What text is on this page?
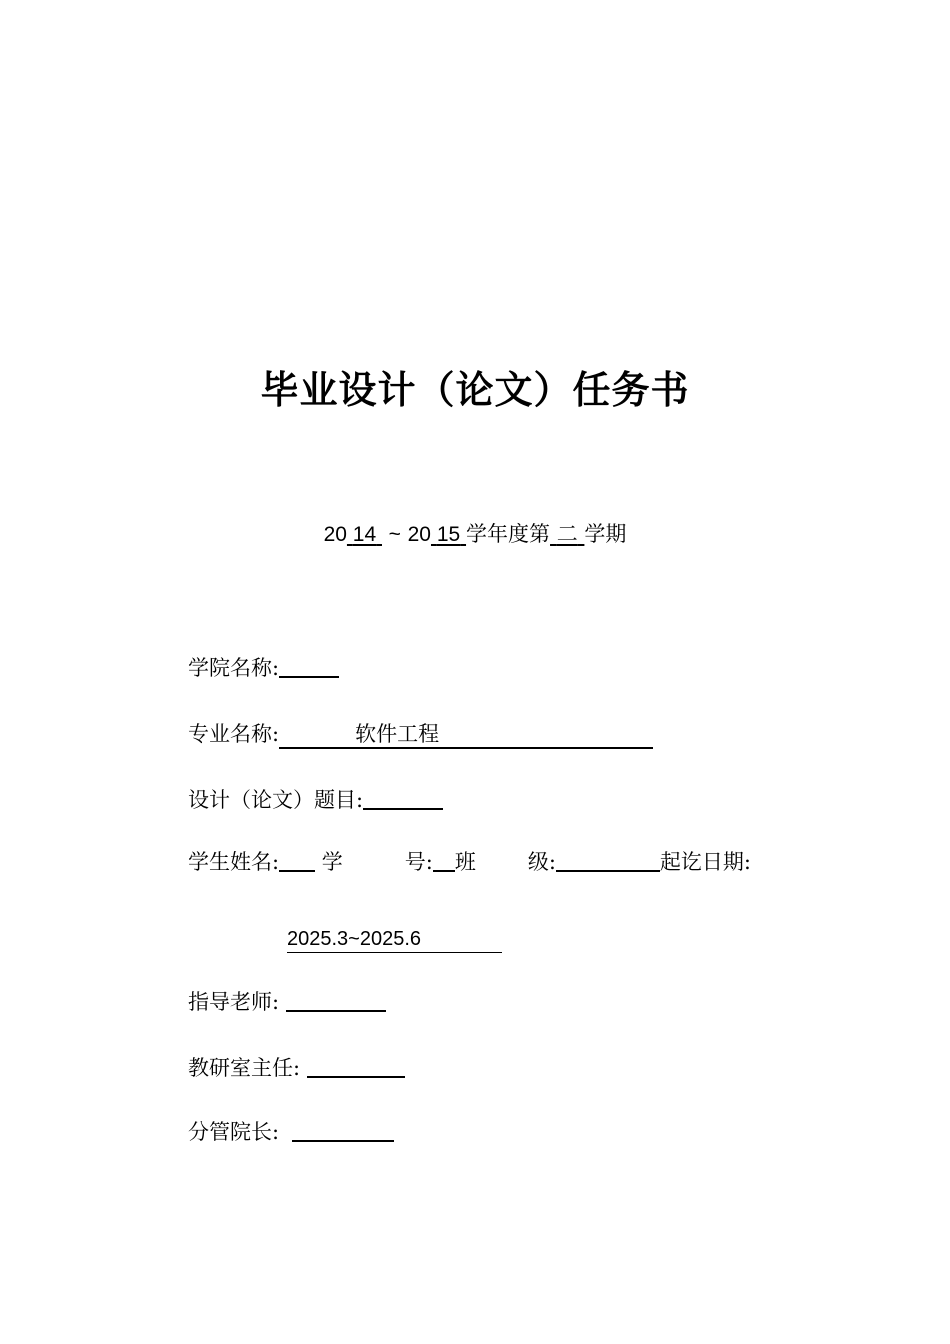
毕业设计（论文）任务书
20 14 ~ 20 15 学年度第 二 学期
学院名称:
专业名称:	软件工程
设计（论文）题目:
学生姓名: 学	号: 班 级:	起讫日期:
2025.3~2025.6
指导老师:
教研室主任:
分管院长:
